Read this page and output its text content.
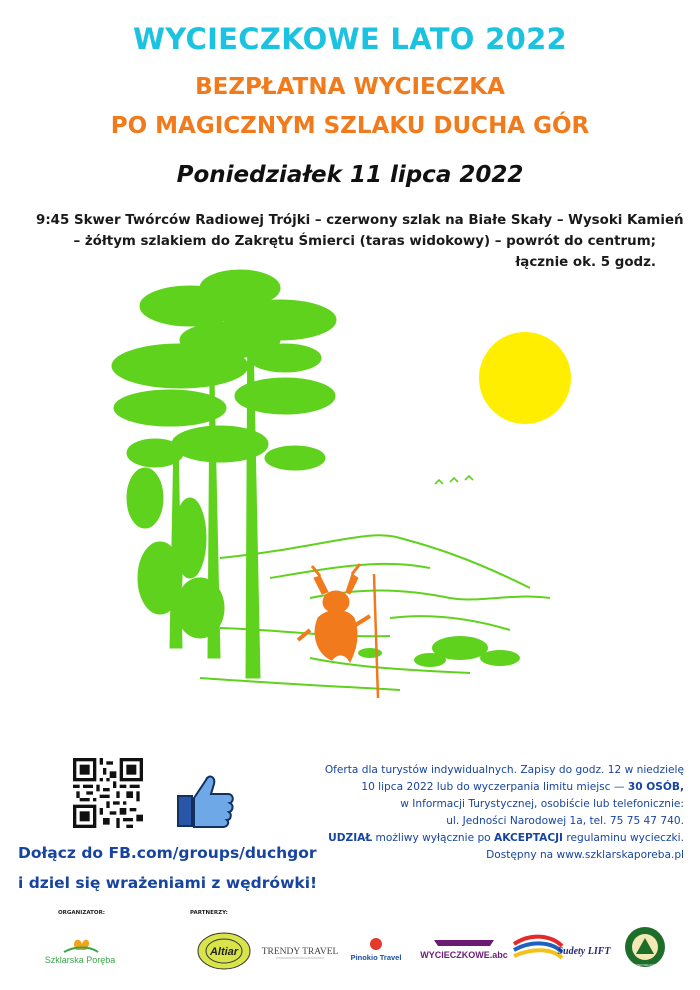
WYCIECZKOWE LATO 2022
BEZPŁATNA WYCIECZKA
PO MAGICZNYM SZLAKU DUCHA GÓR
Poniedziałek 11 lipca 2022
9:45 Skwer Twórców Radiowej Trójki – czerwony szlak na Białe Skały – Wysoki Kamień
– żółtym szlakiem do Zakrętu Śmierci (taras widokowy) – powrót do centrum;
łącznie ok. 5 godz.
Dołącz do FB.com/groups/duchgor
i dziel się wrażeniami z wędrówki!
Oferta dla turystów indywidualnych. Zapisy do godz. 12 w niedzielę
10 lipca 2022 lub do wyczerpania limitu miejsc — 30 OSÓB,
w Informacji Turystycznej, osobiście lub telefonicznie:
ul. Jedności Narodowej 1a, tel. 75 75 47 740.
UDZIAŁ możliwy wyłącznie po AKCEPTACJI regulaminu wycieczki.
Dostępny na www.szklarskaporeba.pl
ORGANIZATOR:	PARTNERZY:
Szklarska Poręba
Altiar TRENDY TRAVEL
Pinokio Travel WYCIECZKOWE.abc	Sudety LIFT
KARKONOSKI PARK NARODOWY
